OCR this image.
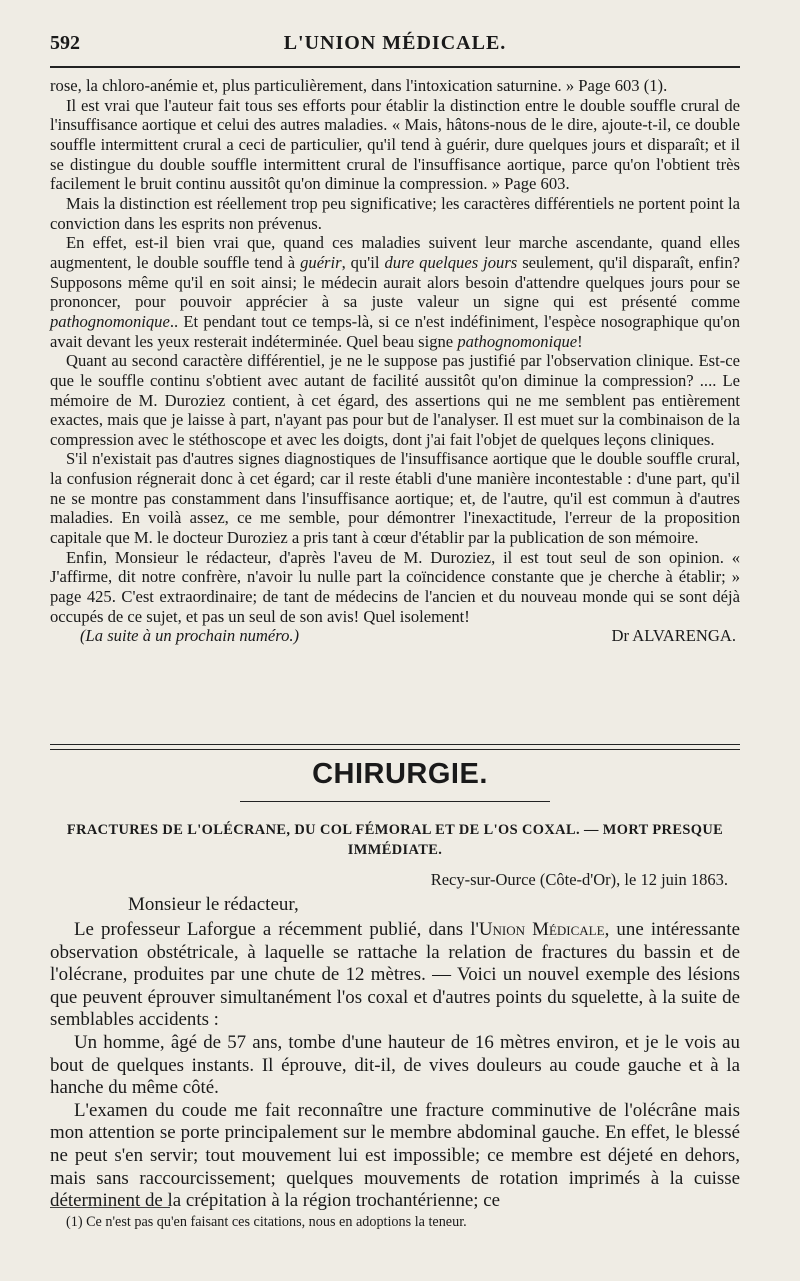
592	L'UNION MÉDICALE.

rose, la chloro-anémie et, plus particulièrement, dans l'intoxication saturnine. » Page 603 (1).

Il est vrai que l'auteur fait tous ses efforts pour établir la distinction entre le double souffle crural de l'insuffisance aortique et celui des autres maladies. « Mais, hâtons-nous de le dire, ajoute-t-il, ce double souffle intermittent crural a ceci de particulier, qu'il tend à guérir, dure quelques jours et disparaît; et il se distingue du double souffle intermittent crural de l'insuffisance aortique, parce qu'on l'obtient très facilement le bruit continu aussitôt qu'on diminue la compression. » Page 603.

Mais la distinction est réellement trop peu significative; les caractères différentiels ne portent point la conviction dans les esprits non prévenus.

En effet, est-il bien vrai que, quand ces maladies suivent leur marche ascendante, quand elles augmentent, le double souffle tend à guérir, qu'il dure quelques jours seulement, qu'il disparaît, enfin? Supposons même qu'il en soit ainsi; le médecin aurait alors besoin d'attendre quelques jours pour se prononcer, pour pouvoir apprécier à sa juste valeur un signe qui est présenté comme pathognomonique.. Et pendant tout ce temps-là, si ce n'est indéfiniment, l'espèce nosographique qu'on avait devant les yeux resterait indéterminée. Quel beau signe pathognomonique!

Quant au second caractère différentiel, je ne le suppose pas justifié par l'observation clinique. Est-ce que le souffle continu s'obtient avec autant de facilité aussitôt qu'on diminue la compression? .... Le mémoire de M. Duroziez contient, à cet égard, des assertions qui ne me semblent pas entièrement exactes, mais que je laisse à part, n'ayant pas pour but de l'analyser. Il est muet sur la combinaison de la compression avec le stéthoscope et avec les doigts, dont j'ai fait l'objet de quelques leçons cliniques.

S'il n'existait pas d'autres signes diagnostiques de l'insuffisance aortique que le double souffle crural, la confusion régnerait donc à cet égard; car il reste établi d'une manière incontestable : d'une part, qu'il ne se montre pas constamment dans l'insuffisance aortique; et, de l'autre, qu'il est commun à d'autres maladies. En voilà assez, ce me semble, pour démontrer l'inexactitude, l'erreur de la proposition capitale que M. le docteur Duroziez a pris tant à cœur d'établir par la publication de son mémoire.

Enfin, Monsieur le rédacteur, d'après l'aveu de M. Duroziez, il est tout seul de son opinion. « J'affirme, dit notre confrère, n'avoir lu nulle part la coïncidence constante que je cherche à établir; » page 425. C'est extraordinaire; de tant de médecins de l'ancien et du nouveau monde qui se sont déjà occupés de ce sujet, et pas un seul de son avis! Quel isolement!

(La suite à un prochain numéro.)	Dr ALVARENGA.
CHIRURGIE.
FRACTURES DE L'OLÉCRANE, DU COL FÉMORAL ET DE L'OS COXAL. — MORT PRESQUE IMMÉDIATE.
Recy-sur-Ource (Côte-d'Or), le 12 juin 1863.
Monsieur le rédacteur,

Le professeur Laforgue a récemment publié, dans l'Union Médicale, une intéressante observation obstétricale, à laquelle se rattache la relation de fractures du bassin et de l'olécrane, produites par une chute de 12 mètres. — Voici un nouvel exemple des lésions que peuvent éprouver simultanément l'os coxal et d'autres points du squelette, à la suite de semblables accidents :

Un homme, âgé de 57 ans, tombe d'une hauteur de 16 mètres environ, et je le vois au bout de quelques instants. Il éprouve, dit-il, de vives douleurs au coude gauche et à la hanche du même côté.

L'examen du coude me fait reconnaître une fracture comminutive de l'olécrâne mais mon attention se porte principalement sur le membre abdominal gauche. En effet, le blessé ne peut s'en servir; tout mouvement lui est impossible; ce membre est déjeté en dehors, mais sans raccourcissement; quelques mouvements de rotation imprimés à la cuisse déterminent de la crépitation à la région trochantérienne; ce

(1) Ce n'est pas qu'en faisant ces citations, nous en adoptions la teneur.
